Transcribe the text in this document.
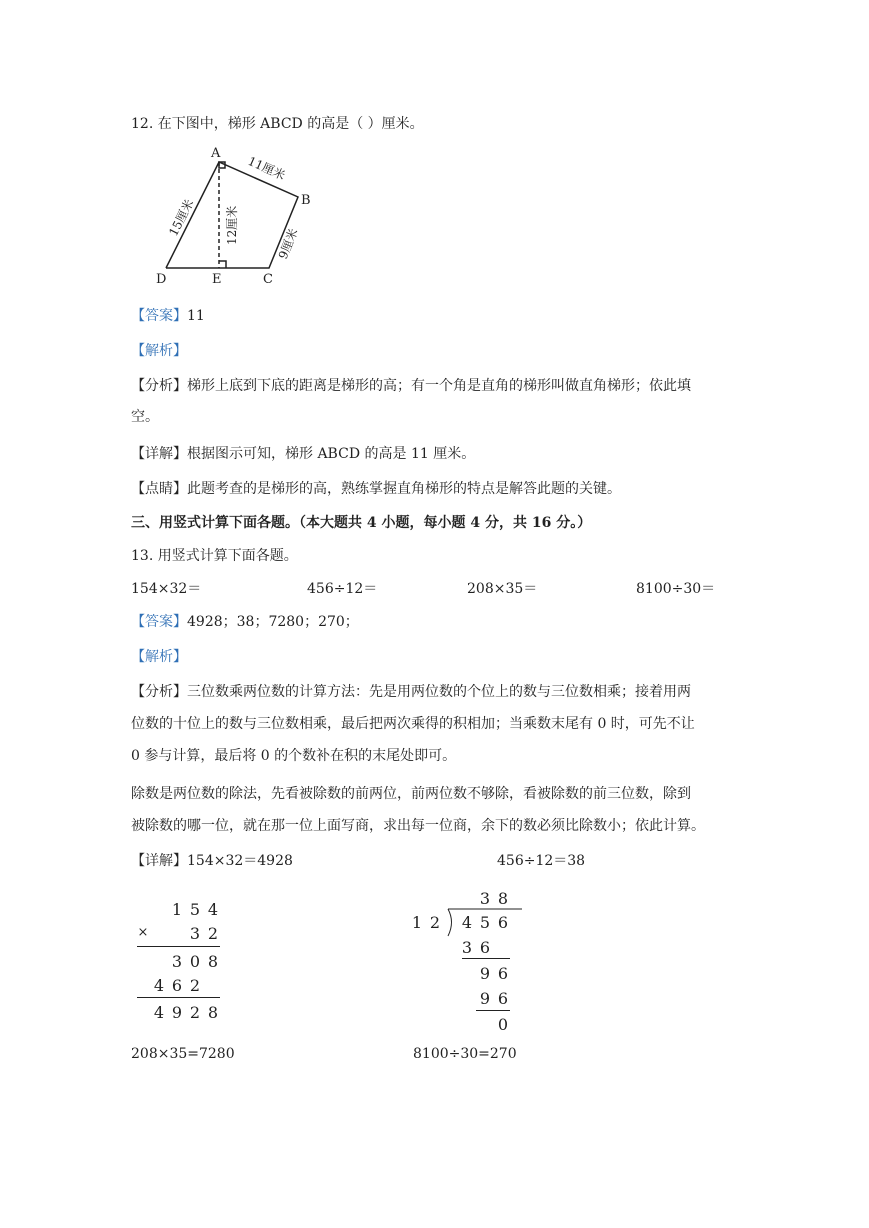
12. 在下图中，梯形 ABCD 的高是（ ）厘米。
A
B
C
D	E
11厘米
15厘米 12厘米	9厘米
【答案】11
【解析】
【分析】梯形上底到下底的距离是梯形的高；有一个角是直角的梯形叫做直角梯形；依此填
空。
【详解】根据图示可知，梯形 ABCD 的高是 11 厘米。
【点睛】此题考查的是梯形的高，熟练掌握直角梯形的特点是解答此题的关键。
三、用竖式计算下面各题。（本大题共 4 小题，每小题 4 分，共 16 分。）
13. 用竖式计算下面各题。
154×32＝	456÷12＝	208×35＝	8100÷30＝
【答案】4928；38；7280；270；
【解析】
【分析】三位数乘两位数的计算方法：先是用两位数的个位上的数与三位数相乘；接着用两
位数的十位上的数与三位数相乘，最后把两次乘得的积相加；当乘数末尾有 0 时，可先不让
0 参与计算，最后将 0 的个数补在积的末尾处即可。
除数是两位数的除法，先看被除数的前两位，前两位数不够除，看被除数的前三位数，除到
被除数的哪一位，就在那一位上面写商，求出每一位商，余下的数必须比除数小；依此计算。
【详解】154×32＝4928	456÷12＝38
1 5 4
×	3 2
3 0 8
4 6 2
4 9 2 8
3 8
1 2 4 5 6
3 6
9 6
9 6
0
208×35=7280	8100÷30=270
